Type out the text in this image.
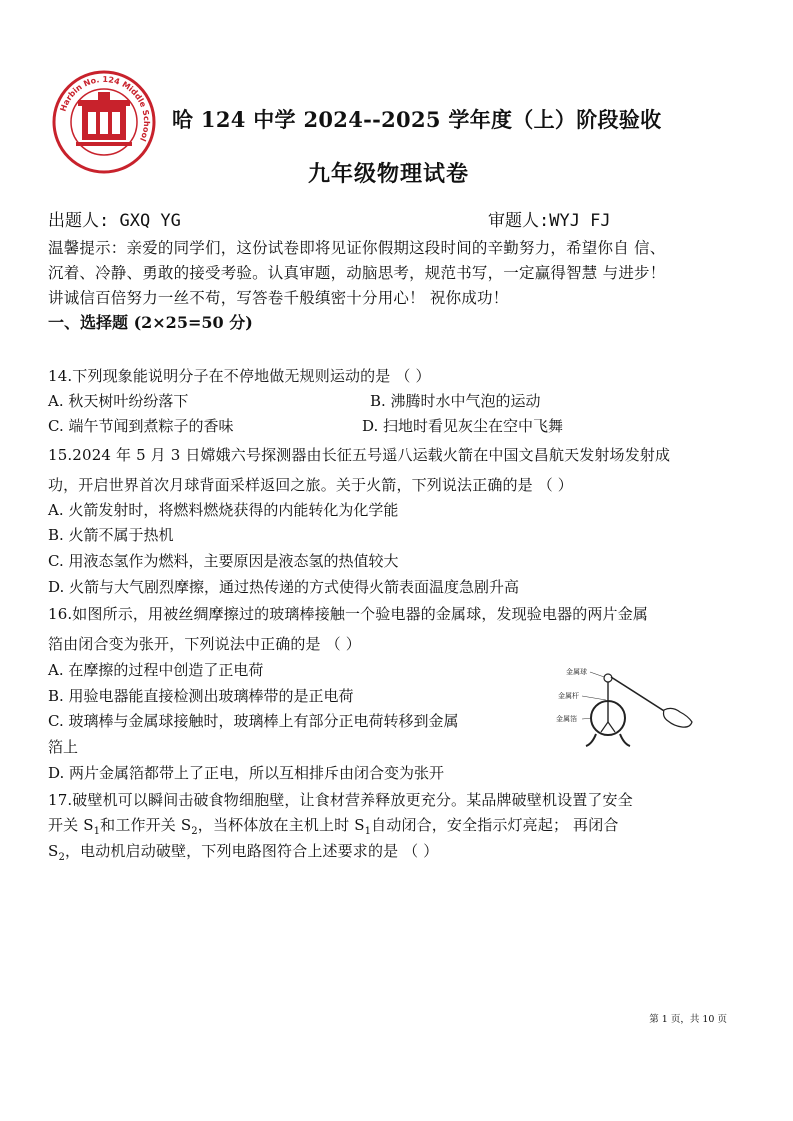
Harbin No. 124 Middle School
哈 124 中学 2024--2025 学年度（上）阶段验收
九年级物理试卷
出题人: GXQ YG	审题人:WYJ FJ
温馨提示：亲爱的同学们，这份试卷即将见证你假期这段时间的辛勤努力，希望你自 信、
沉着、冷静、勇敢的接受考验。认真审题，动脑思考，规范书写，一定赢得智慧 与进步！
讲诚信百倍努力一丝不苟，写答卷千般缜密十分用心！ 祝你成功！
一、选择题 (2×25=50 分)
14.下列现象能说明分子在不停地做无规则运动的是 （ ）
A. 秋天树叶纷纷落下	B. 沸腾时水中气泡的运动
C. 端午节闻到煮粽子的香味	D. 扫地时看见灰尘在空中飞舞
15.2024 年 5 月 3 日嫦娥六号探测器由长征五号遥八运载火箭在中国文昌航天发射场发射成
功，开启世界首次月球背面采样返回之旅。关于火箭，下列说法正确的是 （ ）
A. 火箭发射时，将燃料燃烧获得的内能转化为化学能
B. 火箭不属于热机
C. 用液态氢作为燃料，主要原因是液态氢的热值较大
D. 火箭与大气剧烈摩擦，通过热传递的方式使得火箭表面温度急剧升高
16.如图所示，用被丝绸摩擦过的玻璃棒接触一个验电器的金属球，发现验电器的两片金属
箔由闭合变为张开，下列说法中正确的是 （ ）
A. 在摩擦的过程中创造了正电荷
B. 用验电器能直接检测出玻璃棒带的是正电荷
C. 玻璃棒与金属球接触时，玻璃棒上有部分正电荷转移到金属
箔上
D. 两片金属箔都带上了正电，所以互相排斥由闭合变为张开
金属球
金属杆
金属箔
17.破壁机可以瞬间击破食物细胞壁，让食材营养释放更充分。某品牌破壁机设置了安全
开关 $S_1$和工作开关 $S_2$，当杯体放在主机上时 $S_1$自动闭合，安全指示灯亮起； 再闭合
$S_2$，电动机启动破壁，下列电路图符合上述要求的是 （ ）
第 1 页，共 10 页
